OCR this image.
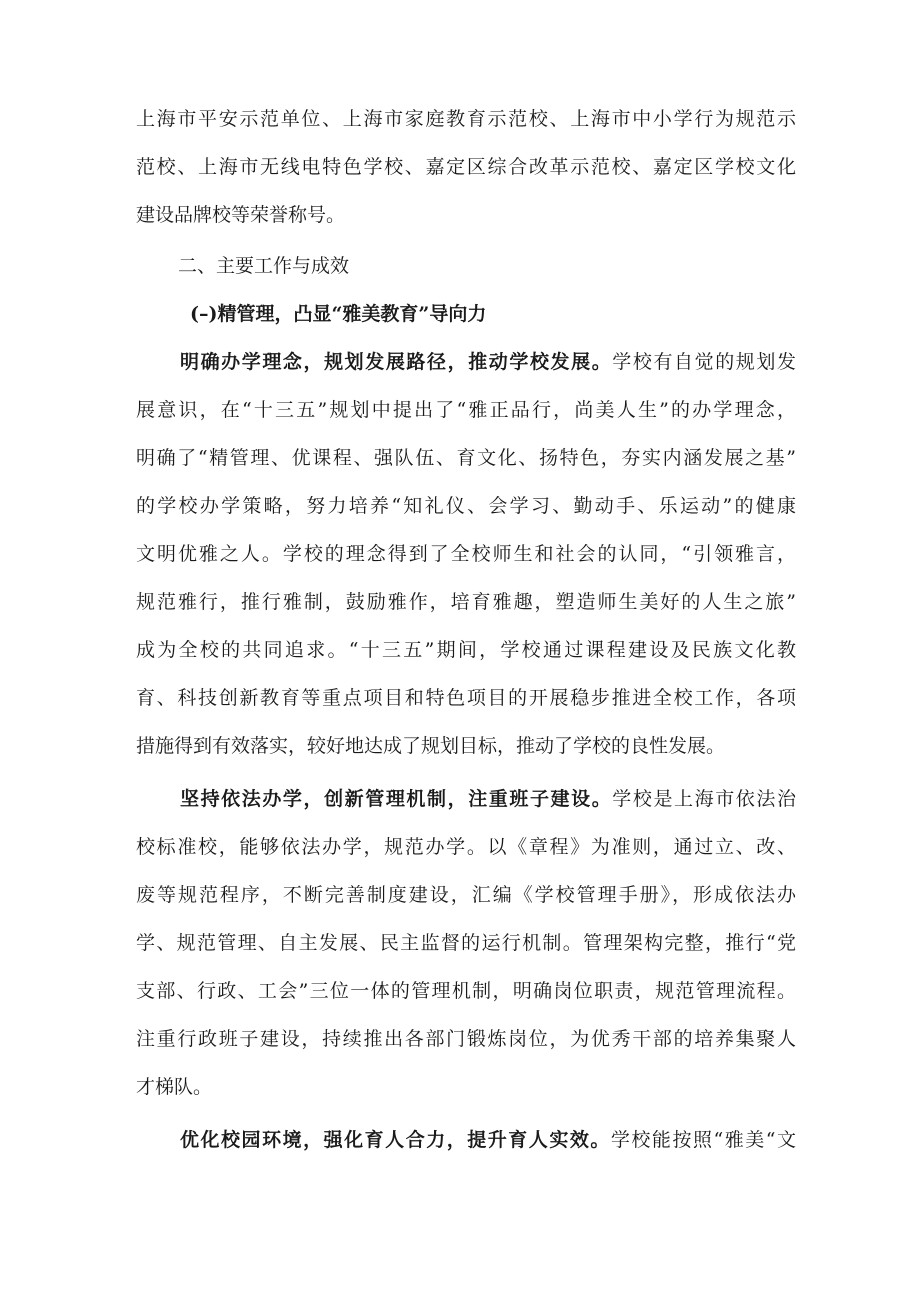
上海市平安示范单位、上海市家庭教育示范校、上海市中小学行为规范示
范校、上海市无线电特色学校、嘉定区综合改革示范校、嘉定区学校文化
建设品牌校等荣誉称号。
二、主要工作与成效
(–)精管理，凸显“雅美教育”导向力
明确办学理念，规划发展路径，推动学校发展。学校有自觉的规划发
展意识，在“十三五”规划中提出了“雅正品行，尚美人生”的办学理念，
明确了“精管理、优课程、强队伍、育文化、扬特色，夯实内涵发展之基”
的学校办学策略，努力培养“知礼仪、会学习、勤动手、乐运动”的健康
文明优雅之人。学校的理念得到了全校师生和社会的认同，“引领雅言，
规范雅行，推行雅制，鼓励雅作，培育雅趣，塑造师生美好的人生之旅”
成为全校的共同追求。“十三五”期间，学校通过课程建设及民族文化教
育、科技创新教育等重点项目和特色项目的开展稳步推进全校工作，各项
措施得到有效落实，较好地达成了规划目标，推动了学校的良性发展。
坚持依法办学，创新管理机制，注重班子建设。学校是上海市依法治
校标准校，能够依法办学，规范办学。以《章程》为准则，通过立、改、
废等规范程序，不断完善制度建设，汇编《学校管理手册》，形成依法办
学、规范管理、自主发展、民主监督的运行机制。管理架构完整，推行“党
支部、行政、工会”三位一体的管理机制，明确岗位职责，规范管理流程。
注重行政班子建设，持续推出各部门锻炼岗位，为优秀干部的培养集聚人
才梯队。
优化校园环境，强化育人合力，提升育人实效。学校能按照“雅美“文
